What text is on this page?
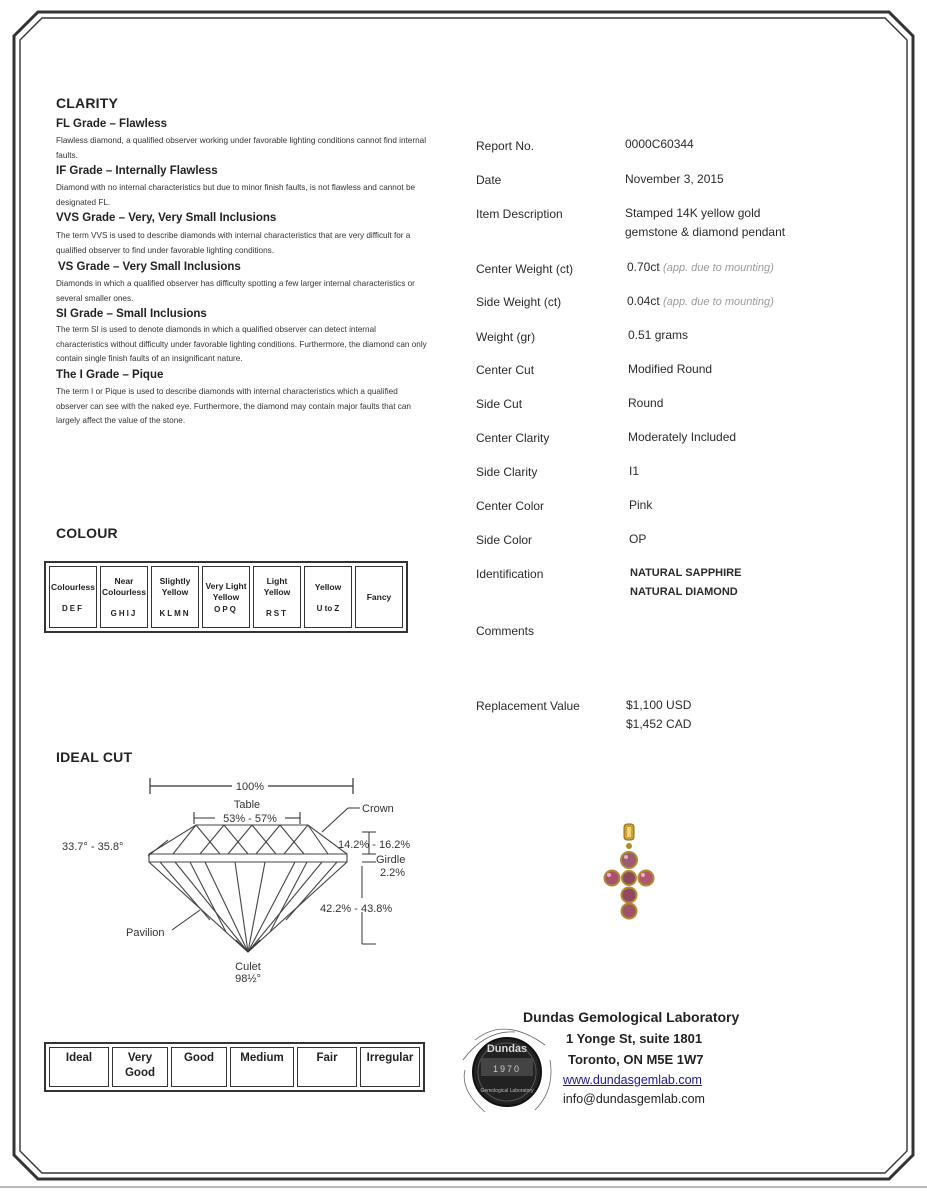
CLARITY
FL Grade – Flawless
Flawless diamond, a qualified observer working under favorable lighting conditions cannot find internal faults.
IF Grade – Internally Flawless
Diamond with no internal characteristics but due to minor finish faults, is not flawless and cannot be designated FL.
VVS Grade – Very, Very Small Inclusions
The term VVS is used to describe diamonds with internal characteristics that are very difficult for a qualified observer to find under favorable lighting conditions.
VS Grade – Very Small Inclusions
Diamonds in which a qualified observer has difficulty spotting a few larger internal characteristics or several smaller ones.
SI Grade – Small Inclusions
The term SI is used to denote diamonds in which a qualified observer can detect internal characteristics without difficulty under favorable lighting conditions. Furthermore, the diamond can only contain single finish faults of an insignificant nature.
The I Grade – Pique
The term I or Pique is used to describe diamonds with internal characteristics which a qualified observer can see with the naked eye. Furthermore, the diamond may contain major faults that can largely affect the value of the stone.
COLOUR
Colourless
DEF

Near Colourless
GHIJ

Slightly Yellow
KLMN

Very Light Yellow
OPQ

Light Yellow
RST

Yellow
U to Z

Fancy
IDEAL CUT
100%
Table
53% - 57%
Crown
33.7° - 35.8°	14.2% - 16.2%
Girdle
2.2%
42.2% - 43.8%
Pavilion
Culet
98½°
Ideal	Very Good	Good	Medium	Fair	Irregular
Report No.	0000C60344
Date	November 3, 2015
Item Description	Stamped 14K yellow gold
gemstone & diamond pendant
Center Weight (ct)	0.70ct (app. due to mounting)
Side Weight (ct)	0.04ct (app. due to mounting)
Weight (gr)	0.51 grams
Center Cut	Modified Round
Side Cut	Round
Center Clarity	Moderately Included
Side Clarity	I1
Center Color	Pink
Side Color	OP
Identification	NATURAL SAPPHIRE
NATURAL DIAMOND
Comments
Replacement Value	$1,100 USD
$1,452 CAD
Dundas
1970
Gemological Laboratory
Dundas Gemological Laboratory
1 Yonge St, suite 1801
Toronto, ON M5E 1W7
www.dundasgemlab.com
info@dundasgemlab.com
